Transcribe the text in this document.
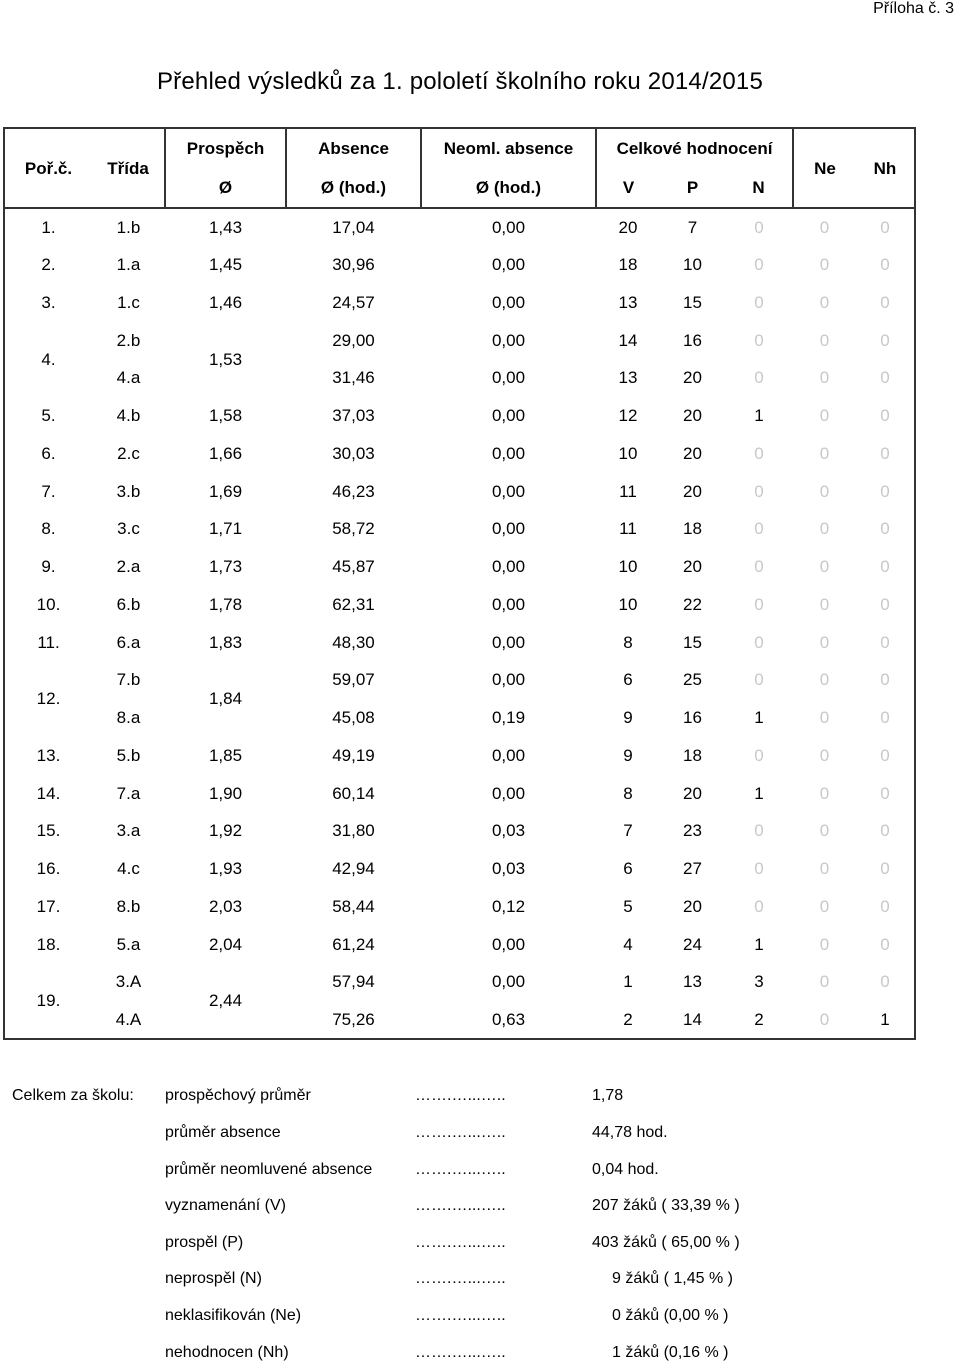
Příloha č. 3
Přehled výsledků za 1. pololetí školního roku 2014/2015
Poř.č.	Třída	Prospěch	Absence	Neoml. absence	Celkové hodnocení			Ne	Nh
		Ø	Ø (hod.)	Ø (hod.)	V	P	N		
1.	1.b	1,43	17,04	0,00	20	7	0	0	0
2.	1.a	1,45	30,96	0,00	18	10	0	0	0
3.	1.c	1,46	24,57	0,00	13	15	0	0	0
4.	2.b	1,53	29,00	0,00	14	16	0	0	0
	4.a		31,46	0,00	13	20	0	0	0
5.	4.b	1,58	37,03	0,00	12	20	1	0	0
6.	2.c	1,66	30,03	0,00	10	20	0	0	0
7.	3.b	1,69	46,23	0,00	11	20	0	0	0
8.	3.c	1,71	58,72	0,00	11	18	0	0	0
9.	2.a	1,73	45,87	0,00	10	20	0	0	0
10.	6.b	1,78	62,31	0,00	10	22	0	0	0
11.	6.a	1,83	48,30	0,00	8	15	0	0	0
12.	7.b	1,84	59,07	0,00	6	25	0	0	0
	8.a		45,08	0,19	9	16	1	0	0
13.	5.b	1,85	49,19	0,00	9	18	0	0	0
14.	7.a	1,90	60,14	0,00	8	20	1	0	0
15.	3.a	1,92	31,80	0,03	7	23	0	0	0
16.	4.c	1,93	42,94	0,03	6	27	0	0	0
17.	8.b	2,03	58,44	0,12	5	20	0	0	0
18.	5.a	2,04	61,24	0,00	4	24	1	0	0
19.	3.A	2,44	57,94	0,00	1	13	3	0	0
	4.A		75,26	0,63	2	14	2	0	1
Celkem za školu: prospěchový průměr	…….…...…..	1,78
průměr absence	…….…...…..	44,78 hod.
průměr neomluvené absence	…….…...…..	0,04 hod.
vyznamenání (V)	…….…...…..	207 žáků ( 33,39 % )
prospěl (P)	…….…...…..	403 žáků ( 65,00 % )
neprospěl (N)	…….…...…..	9 žáků ( 1,45 % )
neklasifikován (Ne)	…….…...…..	0 žáků (0,00 % )
nehodnocen (Nh)	…….…...…..	1 žáků (0,16 % )
